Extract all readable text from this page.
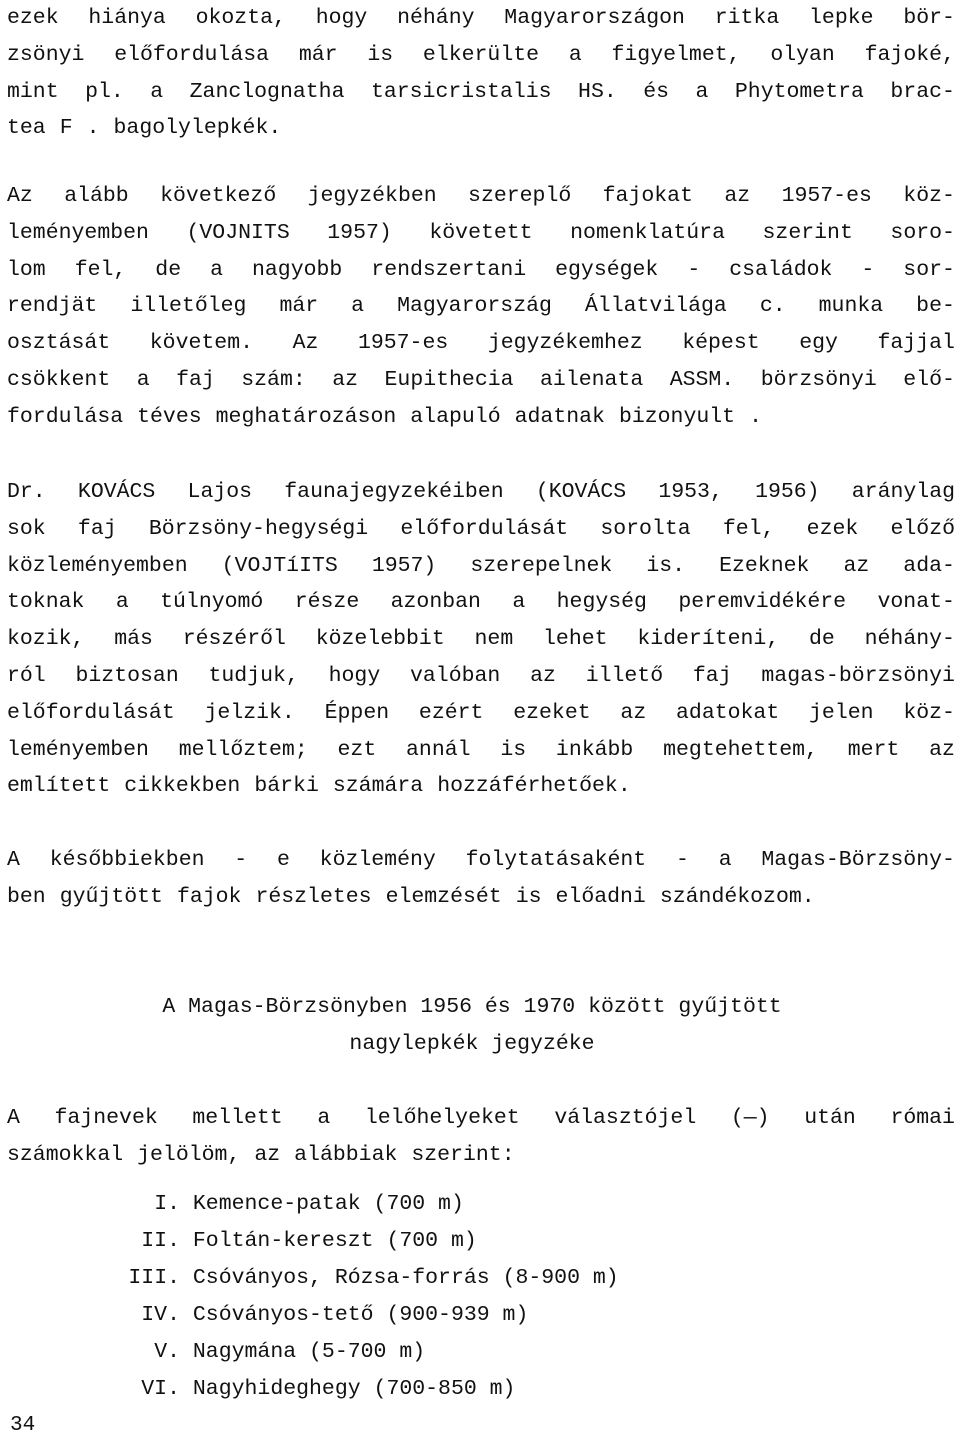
ezek hiánya okozta, hogy néhány Magyarországon ritka lepke bör-
zsönyi előfordulása már is elkerülte a figyelmet, olyan fajoké,
mint pl. a Zanclognatha tarsicristalis HS. és a Phytometra brac-
tea F . bagolylepkék.
Az alább következő jegyzékben szereplő fajokat az 1957-es köz-
leményemben (VOJNITS 1957) követett nomenklatúra szerint soro-
lom fel, de a nagyobb rendszertani egységek - családok - sor-
rendjät illetőleg már a Magyarország Állatvilága c. munka be-
osztását követem. Az 1957-es jegyzékemhez képest egy fajjal
csökkent a faj szám: az Eupithecia ailenata ASSM. börzsönyi elő-
fordulása téves meghatározáson alapuló adatnak bizonyult .
Dr. KOVÁCS Lajos faunajegyzekéiben (KOVÁCS 1953, 1956) aránylag
sok faj Börzsöny-hegységi előfordulását sorolta fel, ezek előző
közleményemben (VOJTíITS 1957) szerepelnek is. Ezeknek az ada-
toknak a túlnyomó része azonban a hegység peremvidékére vonat-
kozik, más részéről közelebbit nem lehet kideríteni, de néhány-
ról biztosan tudjuk, hogy valóban az illető faj magas-börzsönyi
előfordulását jelzik. Éppen ezért ezeket az adatokat jelen köz-
leményemben mellőztem; ezt annál is inkább megtehettem, mert az
említett cikkekben bárki számára hozzáférhetőek.
A későbbiekben - e közlemény folytatásaként - a Magas-Börzsöny-
ben gyűjtött fajok részletes elemzését is előadni szándékozom.
A Magas-Börzsönyben 1956 és 1970 között gyűjtött
nagylepkék jegyzéke
A fajnevek mellett a lelőhelyeket választójel (—) után római
számokkal jelölöm, az alábbiak szerint:
I. Kemence-patak (700 m)
II. Foltán-kereszt (700 m)
III. Csóványos, Rózsa-forrás (8-900 m)
IV. Csóványos-tető (900-939 m)
V. Nagymána (5-700 m)
VI. Nagyhideghegy (700-850 m)
34
